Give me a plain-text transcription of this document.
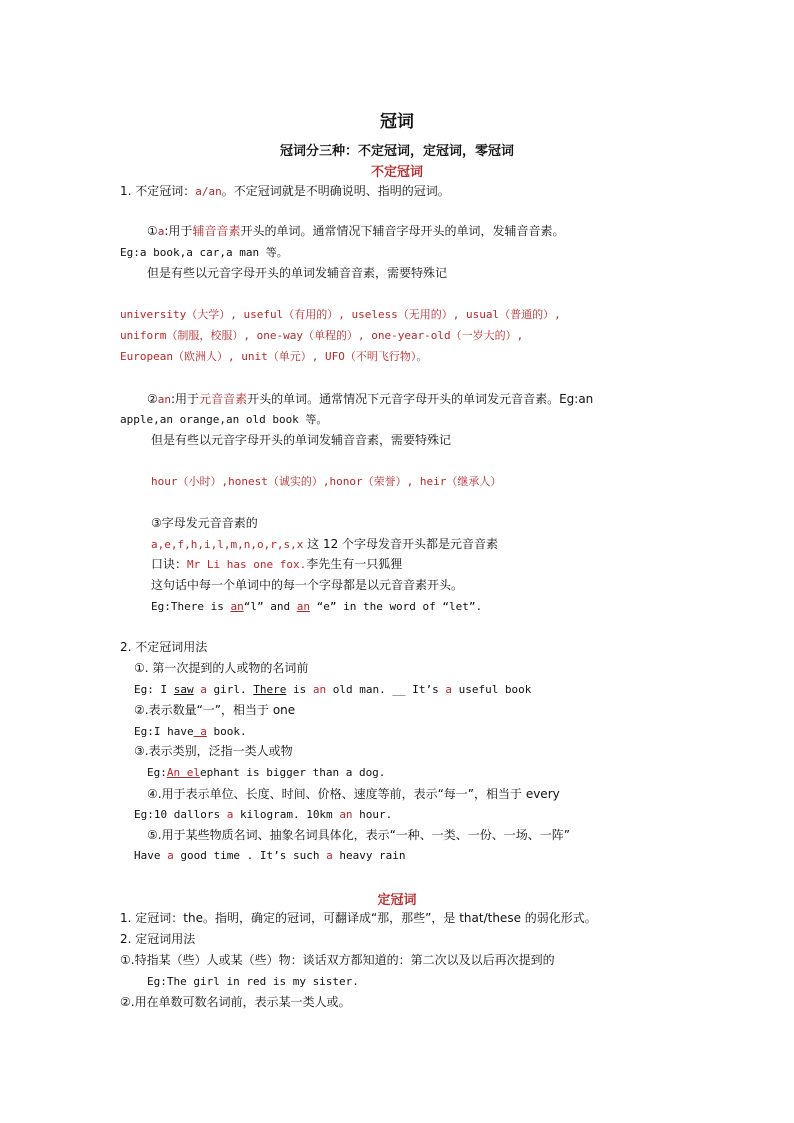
冠词
冠词分三种：不定冠词，定冠词，零冠词
不定冠词
1. 不定冠词：a/an。不定冠词就是不明确说明、指明的冠词。
①a:用于辅音音素开头的单词。通常情况下辅音字母开头的单词，发辅音音素。
Eg:a book,a car,a man 等。
但是有些以元音字母开头的单词发辅音音素，需要特殊记
university（大学）, useful（有用的）, useless（无用的）, usual（普通的）,
uniform（制服，校服）, one-way（单程的）, one-year-old（一岁大的）,
European（欧洲人）, unit（单元）, UFO（不明飞行物）。
②an:用于元音音素开头的单词。通常情况下元音字母开头的单词发元音音素。Eg:an
apple,an orange,an old book 等。
但是有些以元音字母开头的单词发辅音音素，需要特殊记
hour（小时）,honest（诚实的）,honor（荣誉）, heir（继承人）
③字母发元音音素的
a,e,f,h,i,l,m,n,o,r,s,x 这 12 个字母发音开头都是元音音素
口诀：Mr Li has one fox.李先生有一只狐狸
这句话中每一个单词中的每一个字母都是以元音音素开头。
Eg:There is an“l” and an “e” in the word of “let”.
2. 不定冠词用法
①. 第一次提到的人或物的名词前
Eg: I saw a girl. There is an old man. __ It’s a useful book
②.表示数量“一”，相当于 one
Eg:I have a book.
③.表示类别，泛指一类人或物
Eg:An elephant is bigger than a dog.
④.用于表示单位、长度、时间、价格、速度等前，表示“每一”，相当于 every
Eg:10 dallors a kilogram. 10km an hour.
⑤.用于某些物质名词、抽象名词具体化，表示“一种、一类、一份、一场、一阵”
Have a good time . It’s such a heavy rain
定冠词
1. 定冠词：the。指明，确定的冠词，可翻译成“那，那些”，是 that/these 的弱化形式。
2. 定冠词用法
①.特指某（些）人或某（些）物：谈话双方都知道的：第二次以及以后再次提到的
Eg:The girl in red is my sister.
②.用在单数可数名词前，表示某一类人或。
